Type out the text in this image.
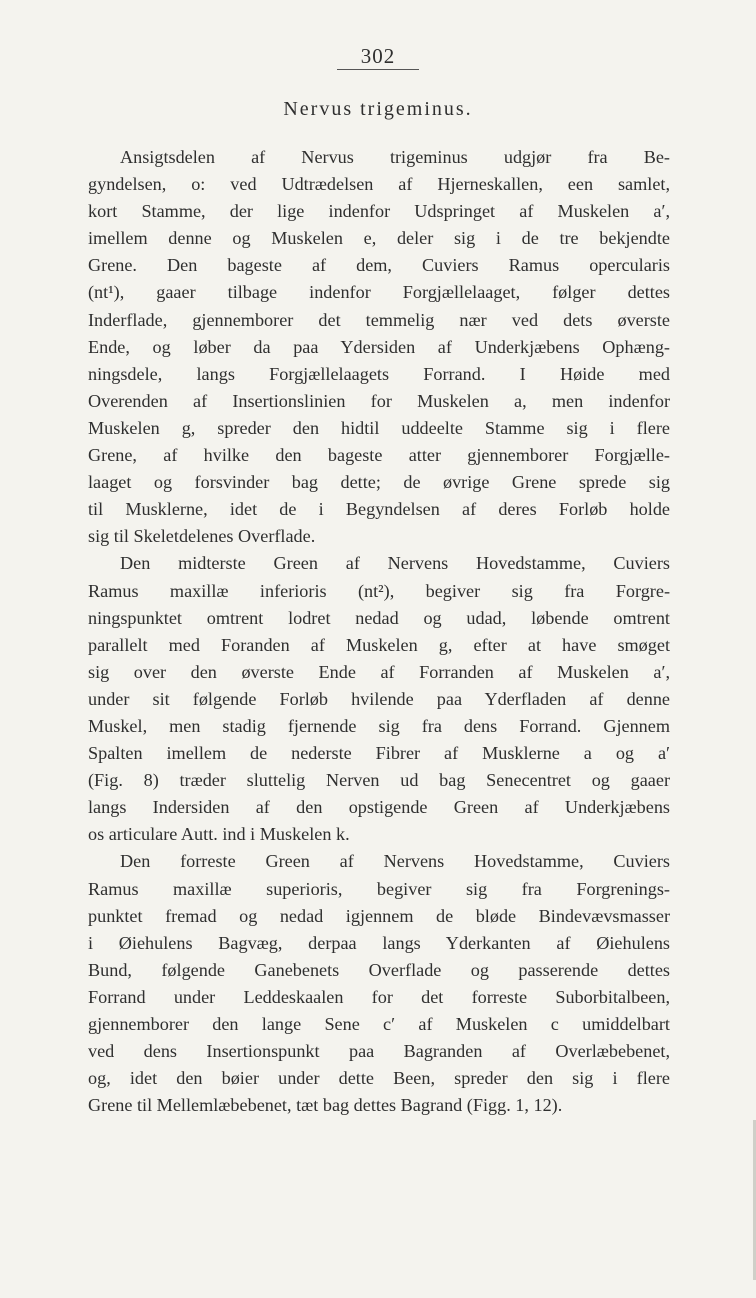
302
Nervus trigeminus.
Ansigtsdelen af Nervus trigeminus udgjør fra Be-
gyndelsen, o: ved Udtrædelsen af Hjerneskallen, een samlet,
kort Stamme, der lige indenfor Udspringet af Muskelen a′,
imellem denne og Muskelen e, deler sig i de tre bekjendte
Grene. Den bageste af dem, Cuviers Ramus opercularis
(nt¹), gaaer tilbage indenfor Forgjællelaaget, følger dettes
Inderflade, gjennemborer det temmelig nær ved dets øverste
Ende, og løber da paa Ydersiden af Underkjæbens Ophæng-
ningsdele, langs Forgjællelaagets Forrand. I Høide med
Overenden af Insertionslinien for Muskelen a, men indenfor
Muskelen g, spreder den hidtil uddeelte Stamme sig i flere
Grene, af hvilke den bageste atter gjennemborer Forgjælle-
laaget og forsvinder bag dette; de øvrige Grene sprede sig
til Musklerne, idet de i Begyndelsen af deres Forløb holde
sig til Skeletdelenes Overflade.
Den midterste Green af Nervens Hovedstamme, Cuviers
Ramus maxillæ inferioris (nt²), begiver sig fra Forgre-
ningspunktet omtrent lodret nedad og udad, løbende omtrent
parallelt med Foranden af Muskelen g, efter at have smøget
sig over den øverste Ende af Forranden af Muskelen a′,
under sit følgende Forløb hvilende paa Yderfladen af denne
Muskel, men stadig fjernende sig fra dens Forrand. Gjennem
Spalten imellem de nederste Fibrer af Musklerne a og a′
(Fig. 8) træder sluttelig Nerven ud bag Senecentret og gaaer
langs Indersiden af den opstigende Green af Underkjæbens
os articulare Autt. ind i Muskelen k.
Den forreste Green af Nervens Hovedstamme, Cuviers
Ramus maxillæ superioris, begiver sig fra Forgrenings-
punktet fremad og nedad igjennem de bløde Bindevævsmasser
i Øiehulens Bagvæg, derpaa langs Yderkanten af Øiehulens
Bund, følgende Ganebenets Overflade og passerende dettes
Forrand under Leddeskaalen for det forreste Suborbitalbeen,
gjennemborer den lange Sene c′ af Muskelen c umiddelbart
ved dens Insertionspunkt paa Bagranden af Overlæbebenet,
og, idet den bøier under dette Been, spreder den sig i flere
Grene til Mellemlæbebenet, tæt bag dettes Bagrand (Figg. 1, 12).
